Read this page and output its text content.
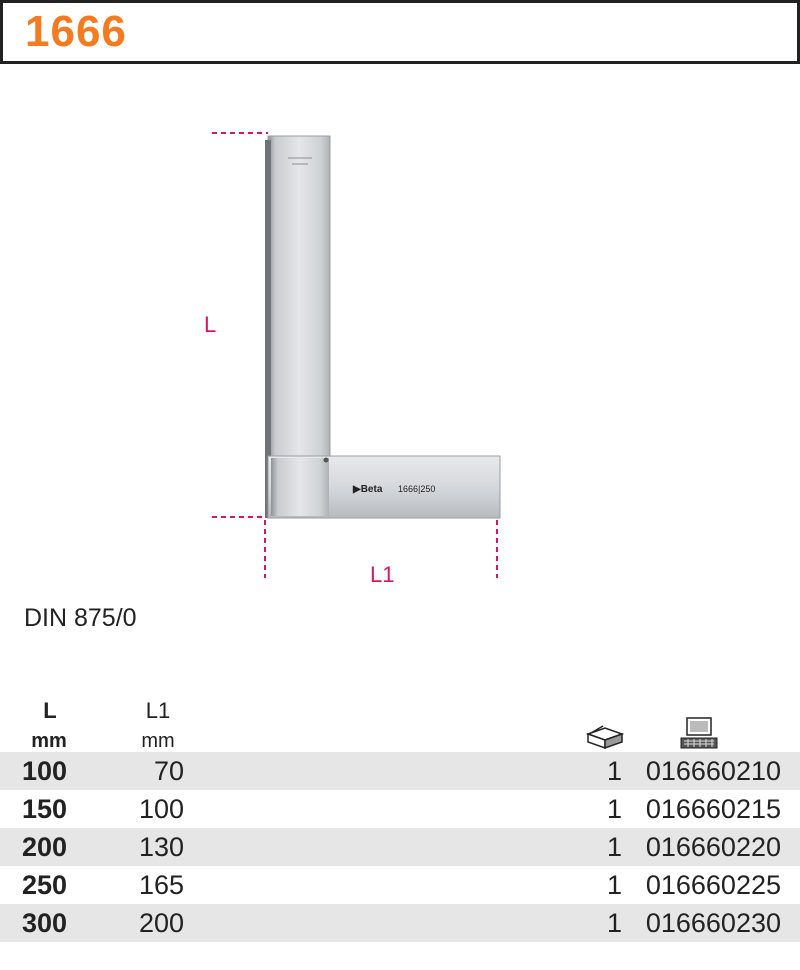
1666
▶Beta 1666|250
L
L1
DIN 875/0
L
mm
L1
mm
100	70	1 016660210
150	100	1 016660215
200	130	1 016660220
250	165	1 016660225
300	200	1 016660230
